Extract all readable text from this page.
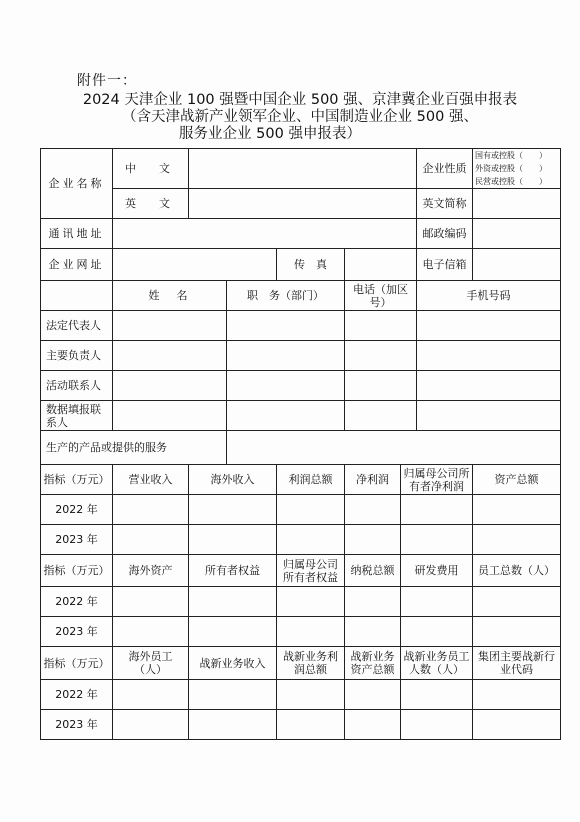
附件一：
2024 天津企业 100 强暨中国企业 500 强、京津冀企业百强申报表
（含天津战新产业领军企业、中国制造业企业 500 强、
服务业企业 500 强申报表）
企业名称	中　文						企业性质	国有或控股（　　）
外资或控股（　　）
民营或控股（　　）

	英　文						英文简称	
通讯地址							邮政编码	
企业网址				传　真			电子信箱	
	姓　名		职　务（部门）		电话（加区号）		手机号码	
法定代表人								
主要负责人								
活动联系人								
数据填报联系人								
生产的产品或提供的服务								
指标（万元）	营业收入	海外收入		利润总额	净利润	归属母公司所有者净利润		资产总额
2022 年								
2023 年								
指标（万元）	海外资产	所有者权益		归属母公司所有者权益	纳税总额	研发费用		员工总数（人）
2022 年								
2023 年								
指标（万元）	海外员工（人）	战新业务收入		战新业务利润总额	战新业务资产总额	战新业务员工人数（人）		集团主要战新行业代码
2022 年								
2023 年								
